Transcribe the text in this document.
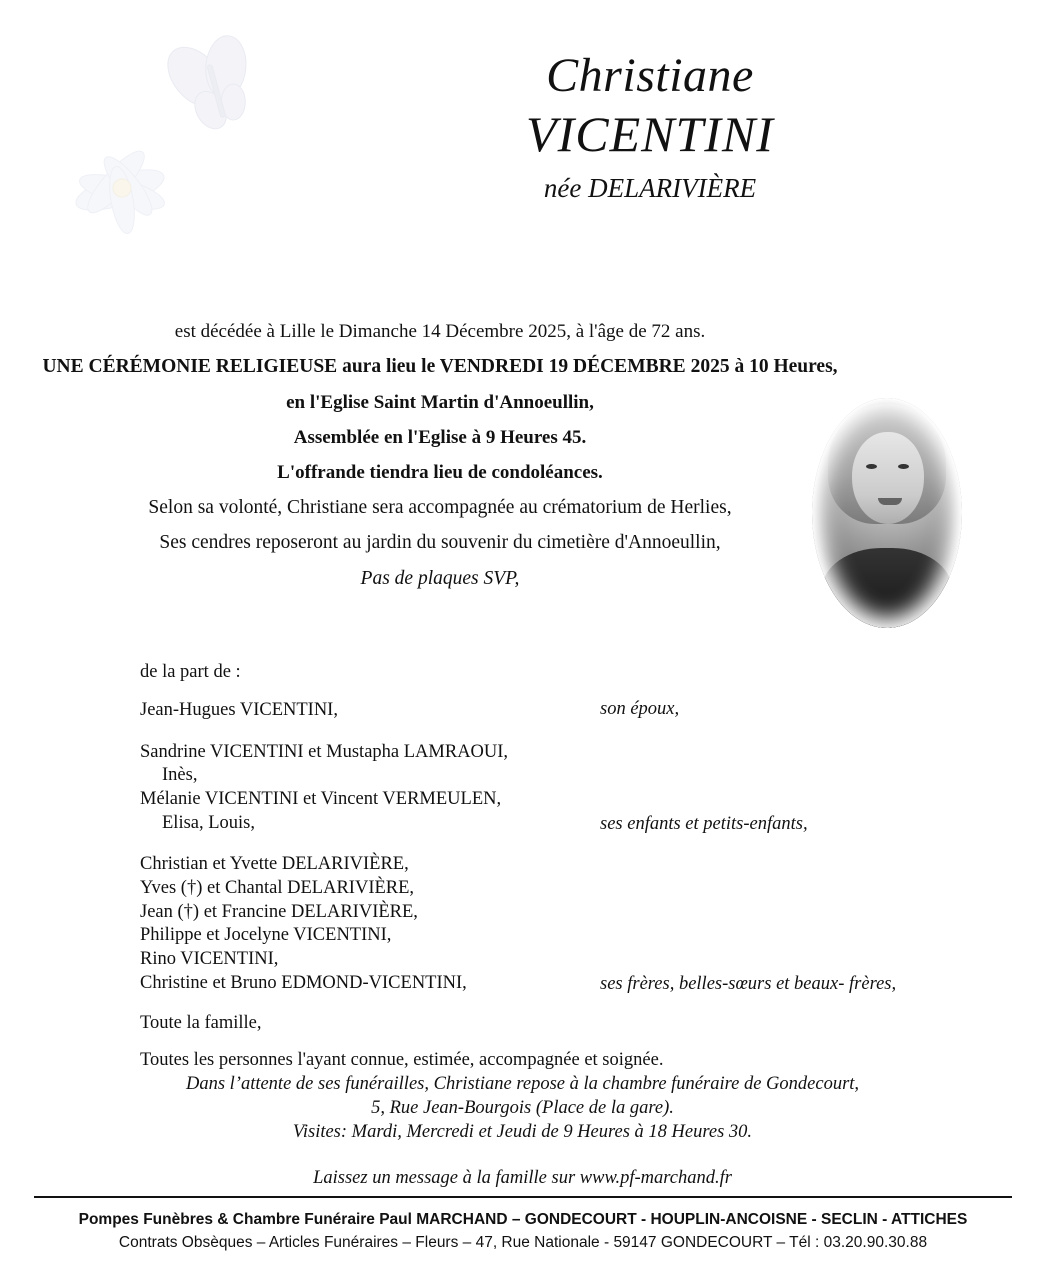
Christiane
VICENTINI
née DELARIVIÈRE
est décédée à Lille le Dimanche 14 Décembre 2025, à l'âge de 72 ans.
UNE CÉRÉMONIE RELIGIEUSE aura lieu le VENDREDI 19 DÉCEMBRE 2025 à 10 Heures,
en l'Eglise Saint Martin d'Annoeullin,
Assemblée en l'Eglise à 9 Heures 45.
L'offrande tiendra lieu de condoléances.
Selon sa volonté, Christiane sera accompagnée au crématorium de Herlies,
Ses cendres reposeront au jardin du souvenir du cimetière d'Annoeullin,
Pas de plaques SVP,
de la part de :
Jean-Hugues VICENTINI,	son époux,
Sandrine VICENTINI et Mustapha LAMRAOUI,
Inès,
Mélanie VICENTINI et Vincent VERMEULEN,
Elisa, Louis,	ses enfants et petits-enfants,
Christian et Yvette DELARIVIÈRE,
Yves (†) et Chantal DELARIVIÈRE,
Jean (†) et Francine DELARIVIÈRE,
Philippe et Jocelyne VICENTINI,
Rino VICENTINI,
Christine et Bruno EDMOND-VICENTINI,	ses frères, belles-sœurs et beaux- frères,
Toute la famille,
Toutes les personnes l'ayant connue, estimée, accompagnée et soignée.
Dans l’attente de ses funérailles, Christiane repose à la chambre funéraire de Gondecourt,
5, Rue Jean-Bourgois (Place de la gare).
Visites: Mardi, Mercredi et Jeudi de 9 Heures à 18 Heures 30.
Laissez un message à la famille sur www.pf-marchand.fr
Pompes Funèbres & Chambre Funéraire Paul MARCHAND – GONDECOURT - HOUPLIN-ANCOISNE - SECLIN - ATTICHES
Contrats Obsèques – Articles Funéraires – Fleurs – 47, Rue Nationale - 59147 GONDECOURT – Tél : 03.20.90.30.88
